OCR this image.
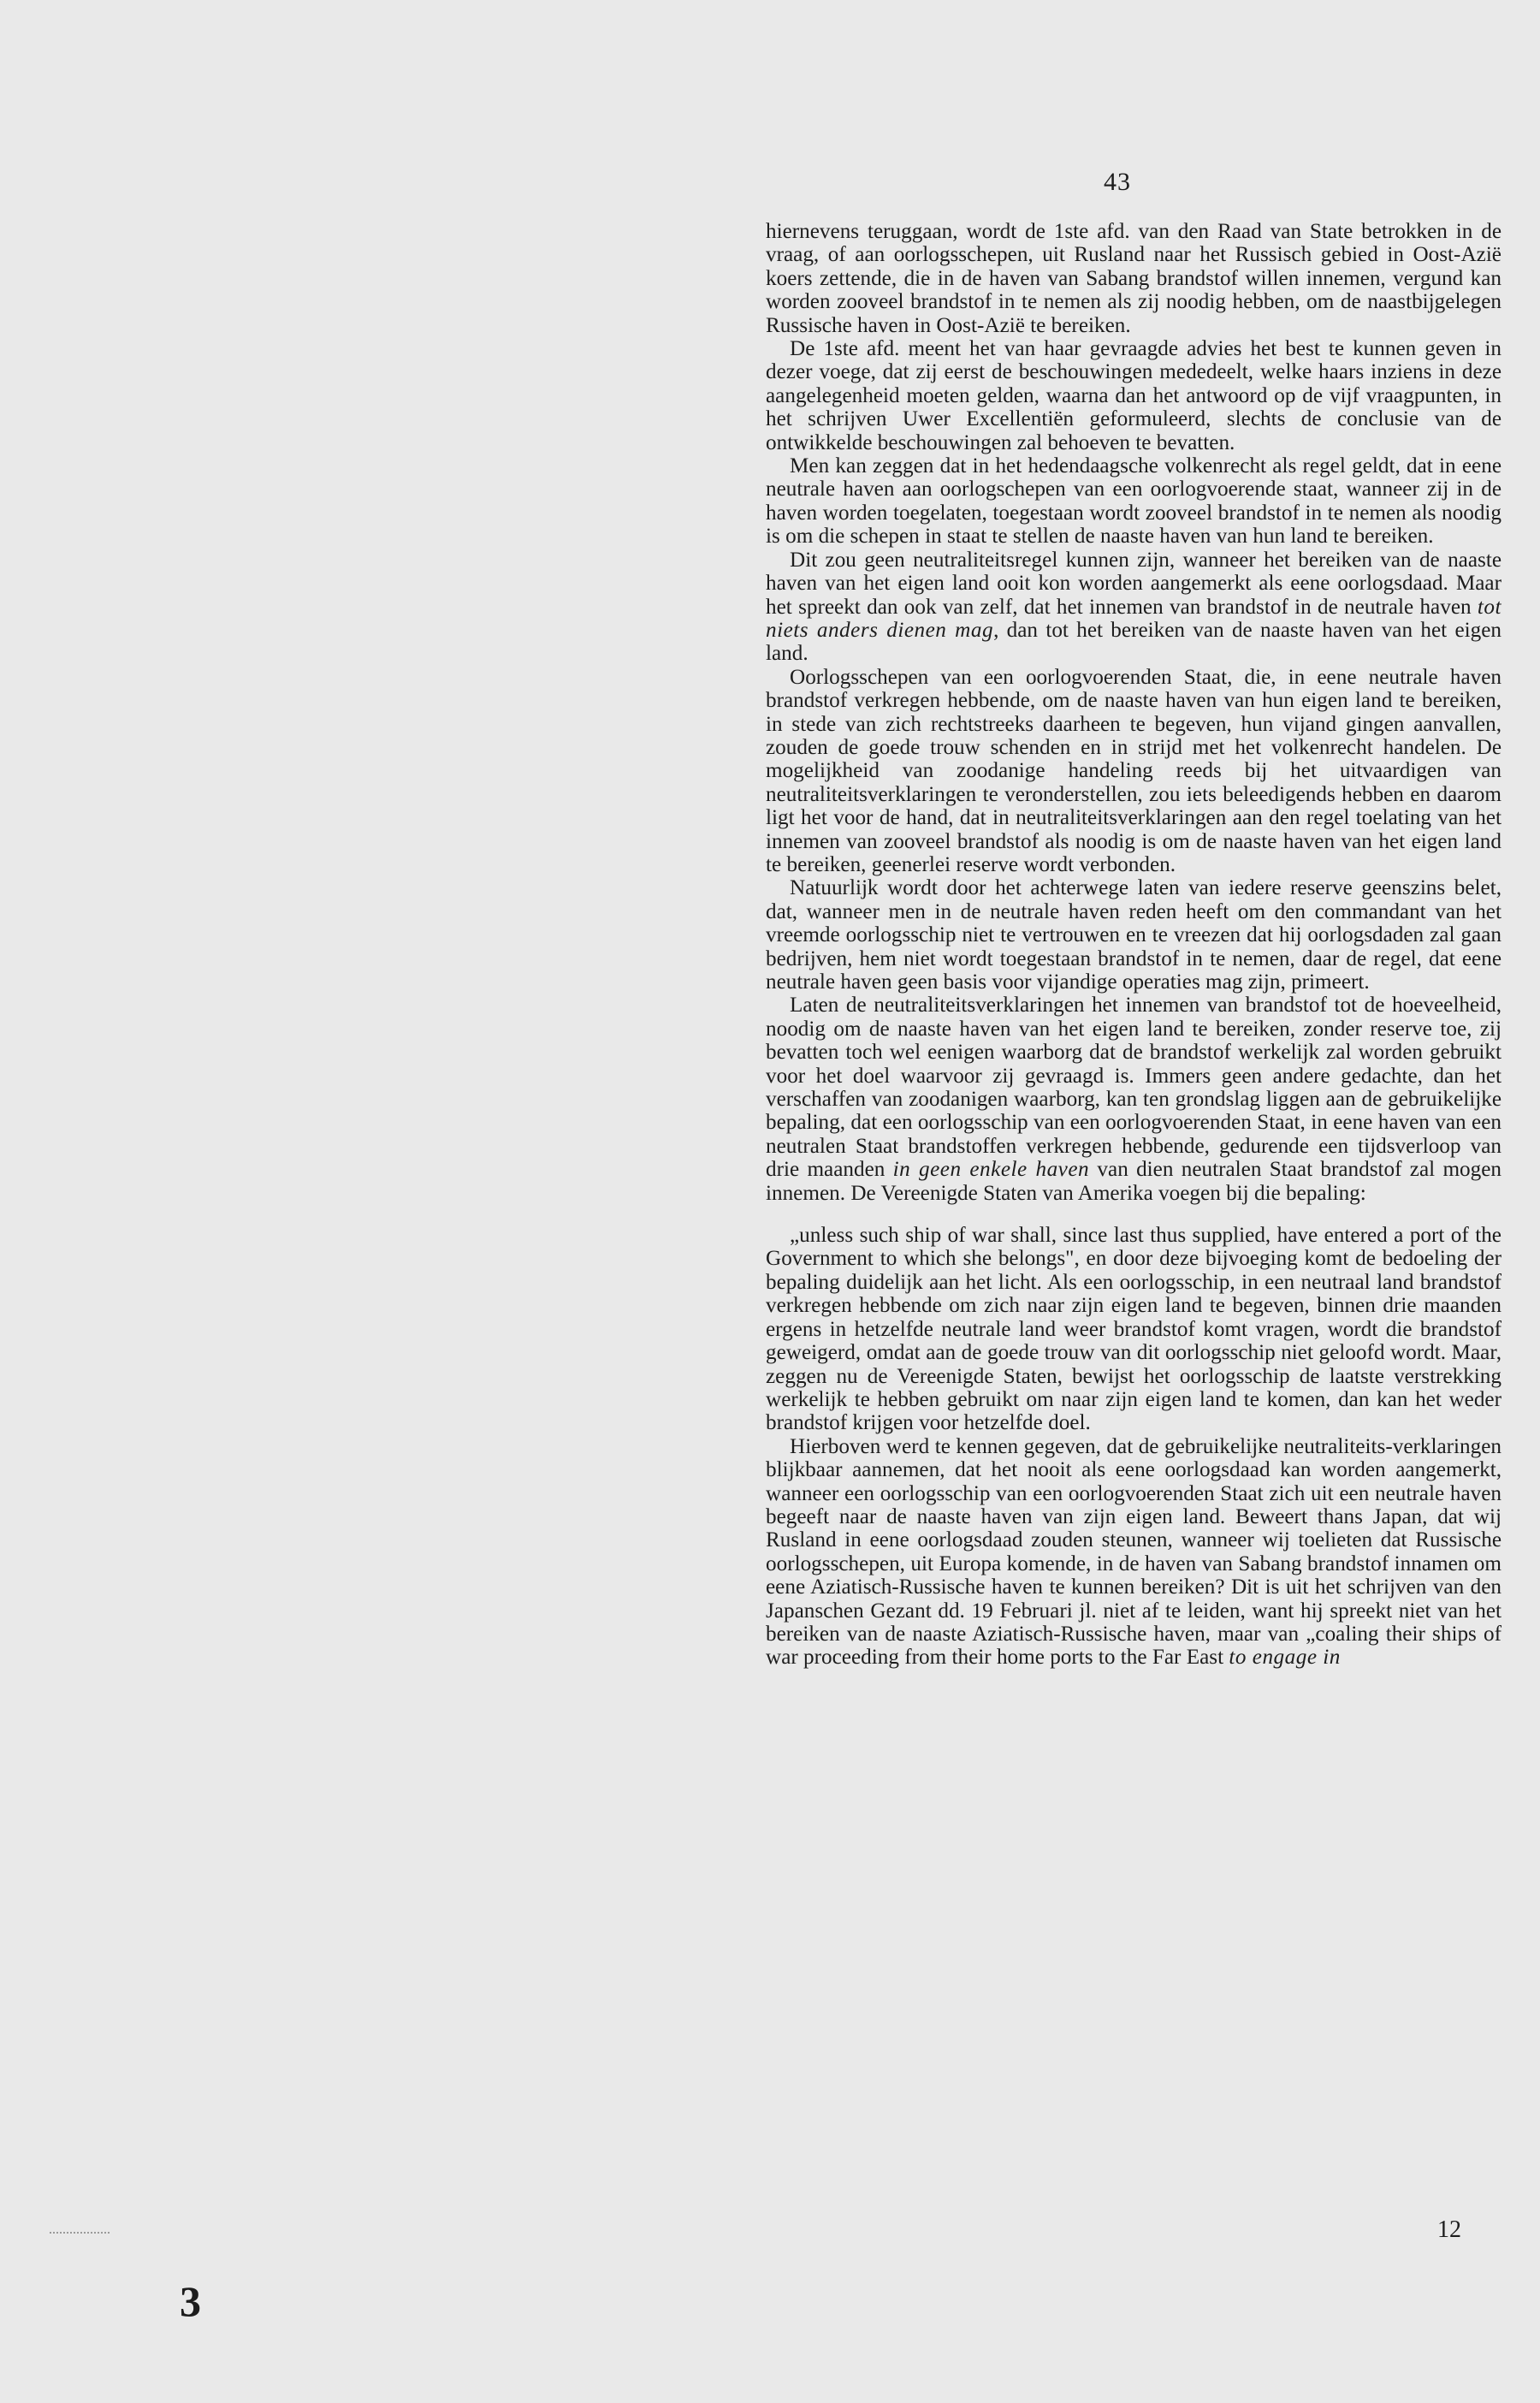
43

hiernevens teruggaan, wordt de 1ste afd. van den Raad van State betrokken in de vraag, of aan oorlogsschepen, uit Rusland naar het Russisch gebied in Oost-Azië koers zettende, die in de haven van Sabang brandstof willen innemen, vergund kan worden zooveel brandstof in te nemen als zij noodig hebben, om de naastbijgelegen Russische haven in Oost-Azië te bereiken.

De 1ste afd. meent het van haar gevraagde advies het best te kunnen geven in dezer voege, dat zij eerst de beschouwingen mededeelt, welke haars inziens in deze aangelegenheid moeten gelden, waarna dan het antwoord op de vijf vraagpunten, in het schrijven Uwer Excellentiën geformuleerd, slechts de conclusie van de ontwikkelde beschouwingen zal behoeven te bevatten.

Men kan zeggen dat in het hedendaagsche volkenrecht als regel geldt, dat in eene neutrale haven aan oorlogschepen van een oorlogvoerende staat, wanneer zij in de haven worden toegelaten, toegestaan wordt zooveel brandstof in te nemen als noodig is om die schepen in staat te stellen de naaste haven van hun land te bereiken.

Dit zou geen neutraliteitsregel kunnen zijn, wanneer het bereiken van de naaste haven van het eigen land ooit kon worden aangemerkt als eene oorlogsdaad. Maar het spreekt dan ook van zelf, dat het innemen van brandstof in de neutrale haven tot niets anders dienen mag, dan tot het bereiken van de naaste haven van het eigen land.

Oorlogsschepen van een oorlogvoerenden Staat, die, in eene neutrale haven brandstof verkregen hebbende, om de naaste haven van hun eigen land te bereiken, in stede van zich rechtstreeks daarheen te begeven, hun vijand gingen aanvallen, zouden de goede trouw schenden en in strijd met het volkenrecht handelen. De mogelijkheid van zoodanige handeling reeds bij het uitvaardigen van neutraliteitsverklaringen te veronderstellen, zou iets beleedigends hebben en daarom ligt het voor de hand, dat in neutraliteitsverklaringen aan den regel toelating van het innemen van zooveel brandstof als noodig is om de naaste haven van het eigen land te bereiken, geenerlei reserve wordt verbonden.

Natuurlijk wordt door het achterwege laten van iedere reserve geenszins belet, dat, wanneer men in de neutrale haven reden heeft om den commandant van het vreemde oorlogsschip niet te vertrouwen en te vreezen dat hij oorlogsdaden zal gaan bedrijven, hem niet wordt toegestaan brandstof in te nemen, daar de regel, dat eene neutrale haven geen basis voor vijandige operaties mag zijn, primeert.

Laten de neutraliteitsverklaringen het innemen van brandstof tot de hoeveelheid, noodig om de naaste haven van het eigen land te bereiken, zonder reserve toe, zij bevatten toch wel eenigen waarborg dat de brandstof werkelijk zal worden gebruikt voor het doel waarvoor zij gevraagd is. Immers geen andere gedachte, dan het verschaffen van zoodanigen waarborg, kan ten grondslag liggen aan de gebruikelijke bepaling, dat een oorlogsschip van een oorlogvoerenden Staat, in eene haven van een neutralen Staat brandstoffen verkregen hebbende, gedurende een tijdsverloop van drie maanden in geen enkele haven van dien neutralen Staat brandstof zal mogen innemen. De Vereenigde Staten van Amerika voegen bij die bepaling:

„unless such ship of war shall, since last thus supplied, have entered a port of the Government to which she belongs", en door deze bijvoeging komt de bedoeling der bepaling duidelijk aan het licht. Als een oorlogsschip, in een neutraal land brandstof verkregen hebbende om zich naar zijn eigen land te begeven, binnen drie maanden ergens in hetzelfde neutrale land weer brandstof komt vragen, wordt die brandstof geweigerd, omdat aan de goede trouw van dit oorlogsschip niet geloofd wordt. Maar, zeggen nu de Vereenigde Staten, bewijst het oorlogsschip de laatste verstrekking werkelijk te hebben gebruikt om naar zijn eigen land te komen, dan kan het weder brandstof krijgen voor hetzelfde doel.

Hierboven werd te kennen gegeven, dat de gebruikelijke neutraliteits-verklaringen blijkbaar aannemen, dat het nooit als eene oorlogsdaad kan worden aangemerkt, wanneer een oorlogsschip van een oorlogvoerenden Staat zich uit een neutrale haven begeeft naar de naaste haven van zijn eigen land. Beweert thans Japan, dat wij Rusland in eene oorlogsdaad zouden steunen, wanneer wij toelieten dat Russische oorlogsschepen, uit Europa komende, in de haven van Sabang brandstof innamen om eene Aziatisch-Russische haven te kunnen bereiken? Dit is uit het schrijven van den Japanschen Gezant dd. 19 Februari jl. niet af te leiden, want hij spreekt niet van het bereiken van de naaste Aziatisch-Russische haven, maar van „coaling their ships of war proceeding from their home ports to the Far East to engage in

12
3
